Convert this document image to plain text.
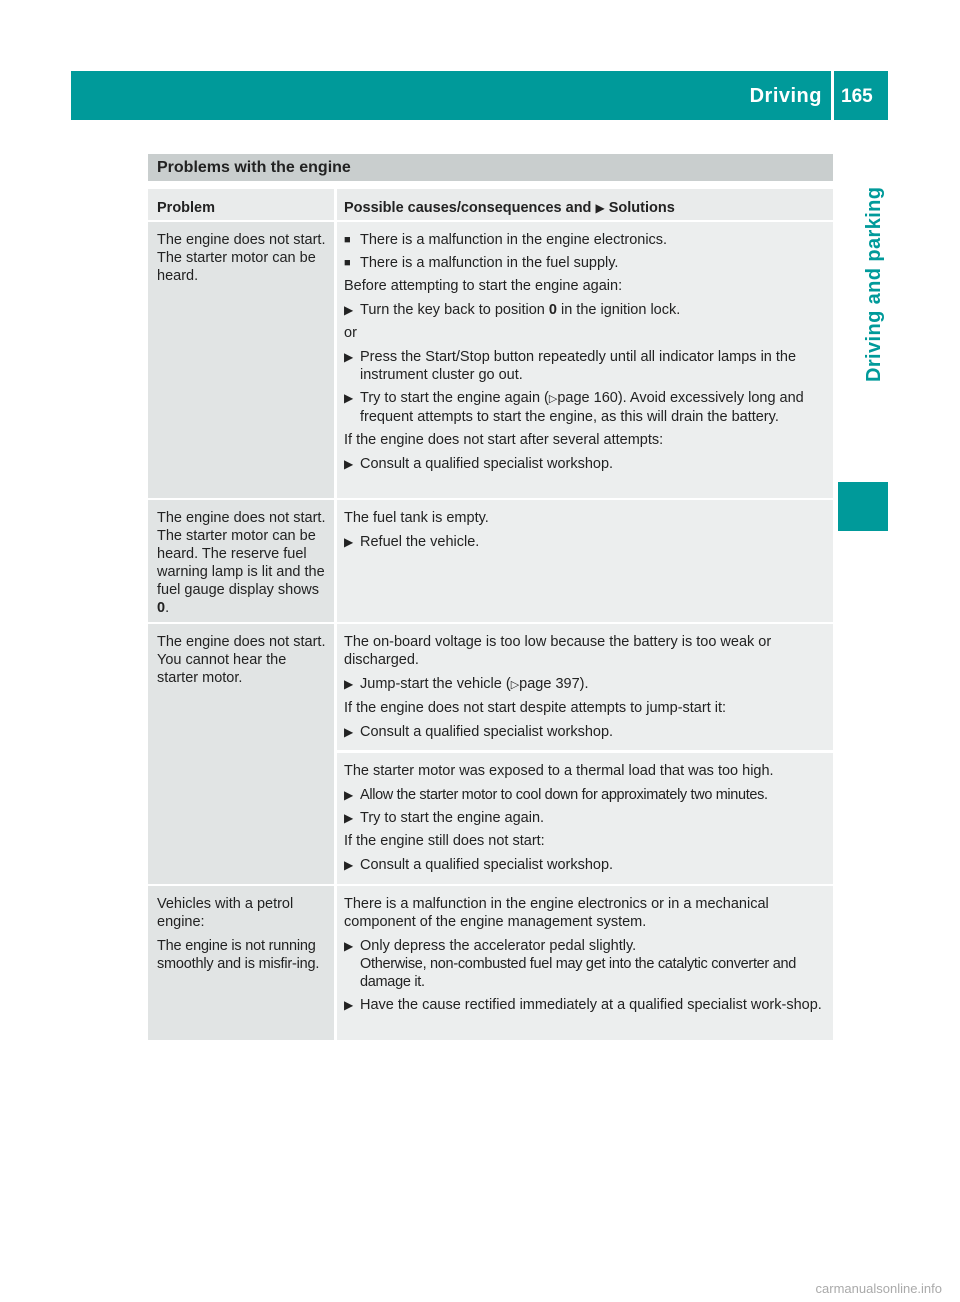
Driving 165
Driving and parking
Problems with the engine
Problem	Possible causes/consequences and ▶ Solutions
The engine does not start. The starter motor can be heard.
■ There is a malfunction in the engine electronics.
■ There is a malfunction in the fuel supply.

Before attempting to start the engine again:

▶ Turn the key back to position 0 in the ignition lock.

or

▶ Press the Start/Stop button repeatedly until all indicator lamps in the instrument cluster go out.
▶ Try to start the engine again (▷page 160). Avoid excessively long and frequent attempts to start the engine, as this will drain the battery.

If the engine does not start after several attempts:

▶ Consult a qualified specialist workshop.
The engine does not start. The starter motor can be heard. The reserve fuel warning lamp is lit and the fuel gauge display shows 0.

The fuel tank is empty.

▶ Refuel the vehicle.
The engine does not start. You cannot hear the starter motor.

The on-board voltage is too low because the battery is too weak or discharged.

▶ Jump-start the vehicle (▷page 397).

If the engine does not start despite attempts to jump-start it:

▶ Consult a qualified specialist workshop.

The starter motor was exposed to a thermal load that was too high.

▶ Allow the starter motor to cool down for approximately two minutes.
▶ Try to start the engine again.

If the engine still does not start:

▶ Consult a qualified specialist workshop.

Vehicles with a petrol engine:

The engine is not running smoothly and is misfir-ing.

There is a malfunction in the engine electronics or in a mechanical component of the engine management system.

▶ Only depress the accelerator pedal slightly.
Otherwise, non-combusted fuel may get into the catalytic converter and damage it.
▶ Have the cause rectified immediately at a qualified specialist work-shop.
carmanualsonline.info
